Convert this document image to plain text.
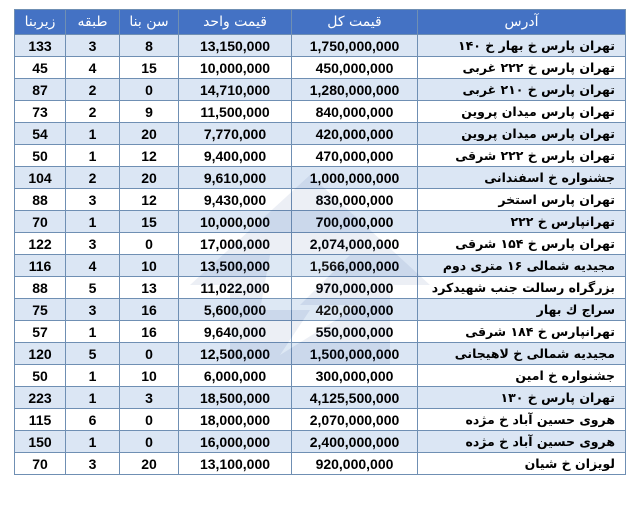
زیربنا	طبقه	سن بنا	قیمت واحد	قیمت کل	آدرس
133	3	8	13,150,000	1,750,000,000	تهران پارس خ بهار خ ۱۴۰
45	4	15	10,000,000	450,000,000	تهران پارس خ ۲۲۲ غربی
87	2	0	14,710,000	1,280,000,000	تهران پارس خ ۲۱۰ غربی
73	2	9	11,500,000	840,000,000	تهران پارس میدان پروین
54	1	20	7,770,000	420,000,000	تهران پارس میدان پروین
50	1	12	9,400,000	470,000,000	تهران پارس خ ۲۲۲ شرقی
104	2	20	9,610,000	1,000,000,000	جشنواره خ اسفندانی
88	3	12	9,430,000	830,000,000	تهران پارس استخر
70	1	15	10,000,000	700,000,000	تهرانپارس خ ۲۲۲
122	3	0	17,000,000	2,074,000,000	تهران پارس خ ۱۵۴ شرقی
116	4	10	13,500,000	1,566,000,000	مجیدیه شمالی ۱۶ متری دوم
88	5	13	11,022,000	970,000,000	بزرگراه رسالت جنب شهیدکرد
75	3	16	5,600,000	420,000,000	سراج ك بهار
57	1	16	9,640,000	550,000,000	تهرانپارس خ ۱۸۴ شرقی
120	5	0	12,500,000	1,500,000,000	مجیدیه شمالی خ لاهیجانی
50	1	10	6,000,000	300,000,000	جشنواره خ امین
223	1	3	18,500,000	4,125,500,000	تهران پارس خ ۱۳۰
115	6	0	18,000,000	2,070,000,000	هروی حسین آباد خ مژده
150	1	0	16,000,000	2,400,000,000	هروی حسین آباد خ مژده
70	3	20	13,100,000	920,000,000	لویزان خ شیان
